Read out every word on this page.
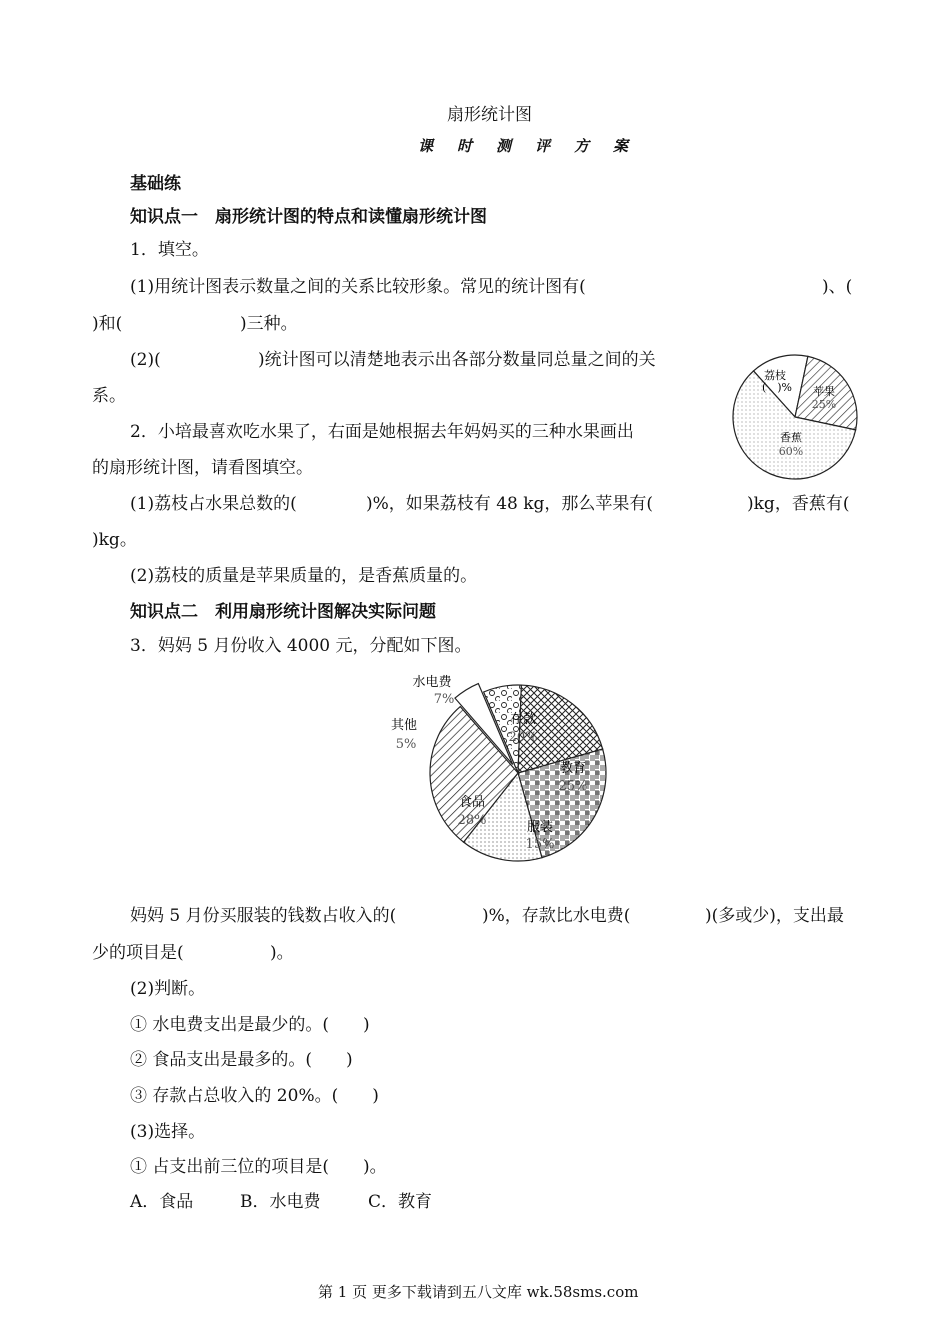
扇形统计图
课时测评方案
基础练
知识点一　扇形统计图的特点和读懂扇形统计图
1．填空。
(1)用统计图表示数量之间的关系比较形象。常见的统计图有(	)、(
)和(	)三种。
(2)(	)统计图可以清楚地表示出各部分数量同总量之间的关
系。
荔枝
(　)% 苹果
25%
香蕉
60%
2．小培最喜欢吃水果了，右面是她根据去年妈妈买的三种水果画出
的扇形统计图，请看图填空。
(1)荔枝占水果总数的(	)%，如果荔枝有 48 kg，那么苹果有(	)kg，香蕉有(
)kg。
(2)荔枝的质量是苹果质量的，是香蕉质量的。
知识点二　利用扇形统计图解决实际问题
3．妈妈 5 月份收入 4000 元，分配如下图。
水电费
7%
存款
20%
教育
25%
服装
15%
食品
28%
其他
5%
妈妈 5 月份买服装的钱数占收入的(	)%，存款比水电费(	)(多或少)，支出最
少的项目是(	)。
(2)判断。
① 水电费支出是最少的。(　　)
② 食品支出是最多的。(　　)
③ 存款占总收入的 20%。(　　)
(3)选择。
① 占支出前三位的项目是(　　)。
A．食品	B．水电费	C．教育
第 1 页 更多下载请到五八文库 wk.58sms.com
